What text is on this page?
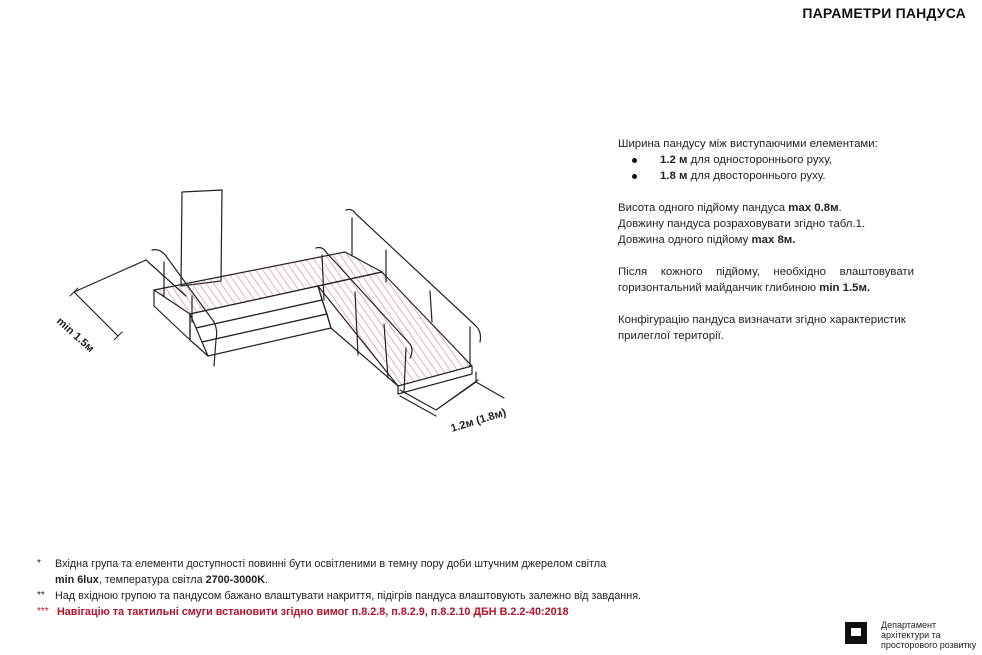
ПАРАМЕТРИ ПАНДУСА
min 1.5м
1.2м (1.8м)

Ширина пандусу між виступаючими елементами:

1.2 м для одностороннього руху,
1.8 м для двостороннього руху.

Висота одного підйому пандуса max 0.8м.

Довжину пандуса розраховувати згідно табл.1.

Довжина одного підйому max 8м.

Після кожного підйому, необхідно влаштовувати горизонтальний майданчик глибиною min 1.5м.

Конфігурацію пандуса визначати згідно характеристик прилеглої території.

* Вхідна група та елементи доступності повинні бути освітленими в темну пору доби штучним джерелом світла
min 6lux, температура світла 2700-3000K.
** Над вхідною групою та пандусом бажано влаштувати накриття, підігрів пандуса влаштовують залежно від завдання.
*** Навігацію та тактильні смуги встановити згідно вимог п.8.2.8, п.8.2.9, п.8.2.10 ДБН В.2.2-40:2018
Департамент
архітектури та
просторового розвитку
